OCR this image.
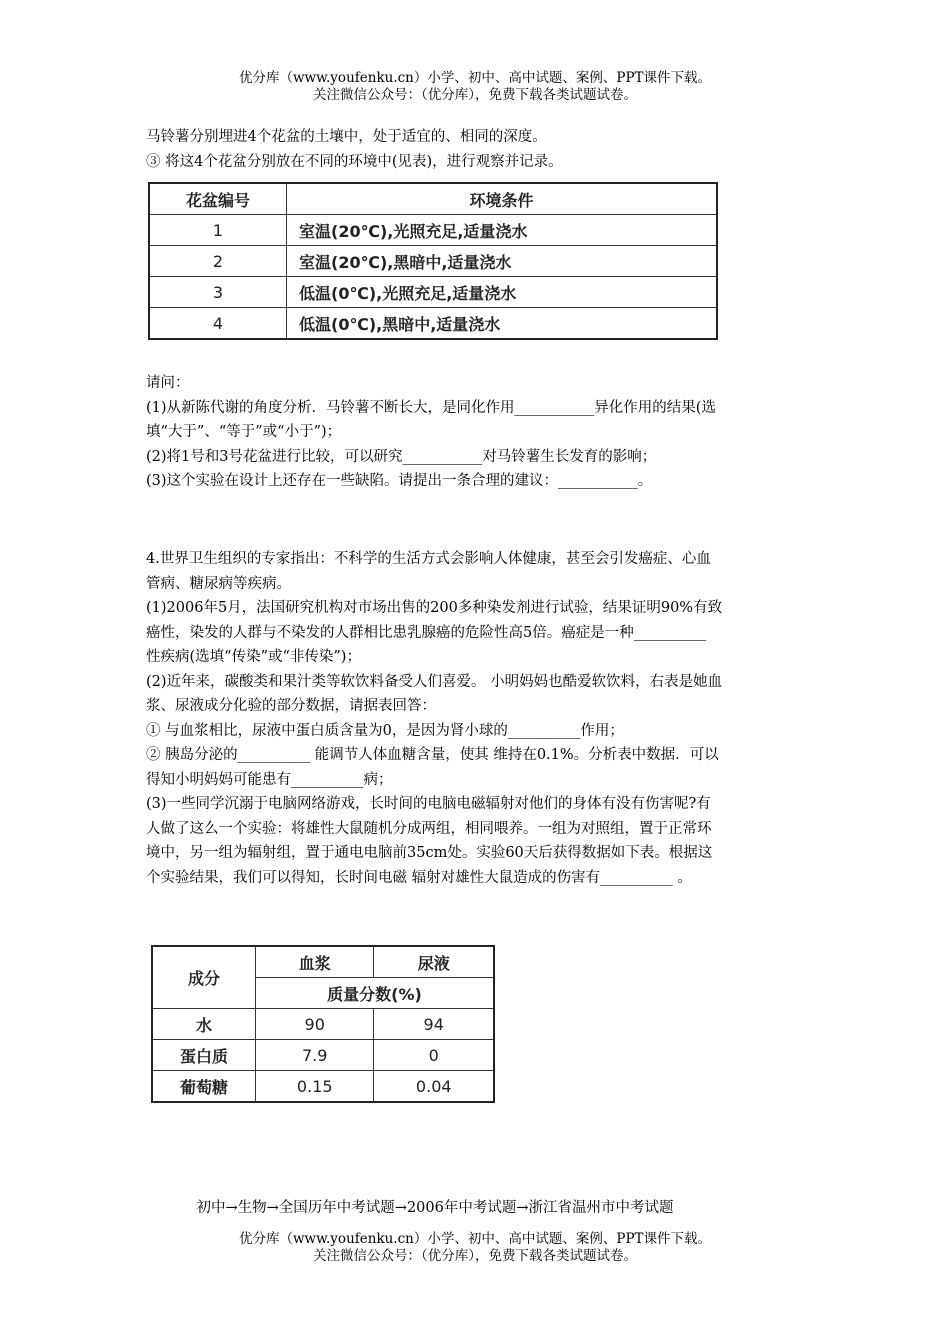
优分库（www.youfenku.cn）小学、初中、高中试题、案例、PPT课件下载。
关注微信公众号：（优分库），免费下载各类试题试卷。

马铃薯分别埋进4个花盆的土壤中，处于适宜的、相同的深度。

③ 将这4个花盆分别放在不同的环境中(见表)，进行观察并记录。

花盆编号	环境条件
1	室温(20℃),光照充足,适量浇水
2	室温(20℃),黑暗中,适量浇水
3	低温(0℃),光照充足,适量浇水
4	低温(0℃),黑暗中,适量浇水

请问：

(1)从新陈代谢的角度分析．马铃薯不断长大，是同化作用___________异化作用的结果(选

填“大于”、“等于”或“小于”)；

(2)将1号和3号花盆进行比较，可以研究___________对马铃薯生长发育的影响；

(3)这个实验在设计上还存在一些缺陷。请提出一条合理的建议：___________。

4.世界卫生组织的专家指出：不科学的生活方式会影响人体健康，甚至会引发癌症、心血

管病、糖尿病等疾病。

(1)2006年5月，法国研究机构对市场出售的200多种染发剂进行试验，结果证明90%有致

癌性，染发的人群与不染发的人群相比患乳腺癌的危险性高5倍。癌症是一种__________

性疾病(选填“传染”或“非传染”)；

(2)近年来，碳酸类和果汁类等软饮料备受人们喜爱。 小明妈妈也酷爱软饮料，右表是她血

浆、尿液成分化验的部分数据，请据表回答：

① 与血浆相比，尿液中蛋白质含量为0，是因为肾小球的__________作用；

② 胰岛分泌的__________ 能调节人体血糖含量，使其 维持在0.1%。分析表中数据．可以

得知小明妈妈可能患有__________病；

(3)一些同学沉溺于电脑网络游戏，长时间的电脑电磁辐射对他们的身体有没有伤害呢?有

人做了这么一个实验：将雄性大鼠随机分成两组，相同喂养。一组为对照组，置于正常环

境中，另一组为辐射组，置于通电电脑前35cm处。实验60天后获得数据如下表。根据这

个实验结果，我们可以得知，长时间电磁 辐射对雄性大鼠造成的伤害有__________ 。

成分	血浆	尿液
	质量分数(%)	
水	90	94
蛋白质	7.9	0
葡萄糖	0.15	0.04
初中→生物→全国历年中考试题→2006年中考试题→浙江省温州市中考试题
优分库（www.youfenku.cn）小学、初中、高中试题、案例、PPT课件下载。
关注微信公众号：（优分库），免费下载各类试题试卷。
